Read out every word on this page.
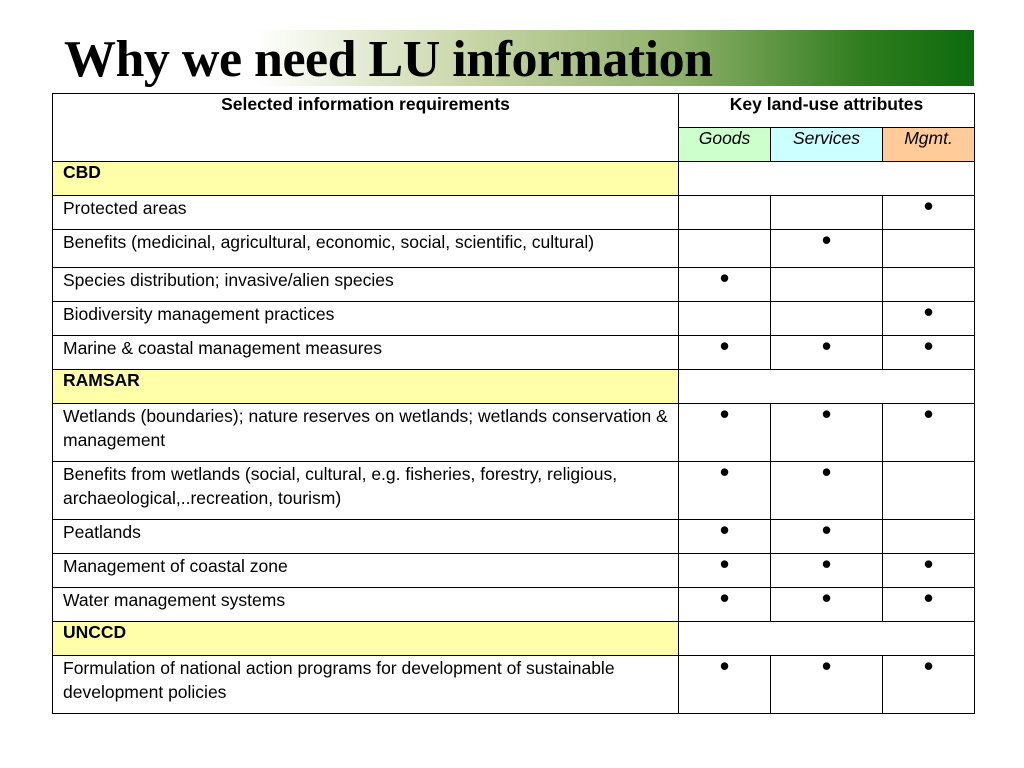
Why we need LU information
Selected information requirements	Key land-use attributes		
	Goods	Services	Mgmt.
CBD			
Protected areas			●
Benefits (medicinal, agricultural, economic, social, scientific, cultural)		●	
Species distribution; invasive/alien species	●		
Biodiversity management practices			●
Marine & coastal management measures	●	●	●
RAMSAR			
Wetlands (boundaries); nature reserves on wetlands; wetlands conservation & management	●	●	●
Benefits from wetlands (social, cultural, e.g. fisheries, forestry, religious, archaeological,..recreation, tourism)	●	●	
Peatlands	●	●	
Management of coastal zone	●	●	●
Water management systems	●	●	●
UNCCD			
Formulation of national action programs for development of sustainable development policies	●	●	●
